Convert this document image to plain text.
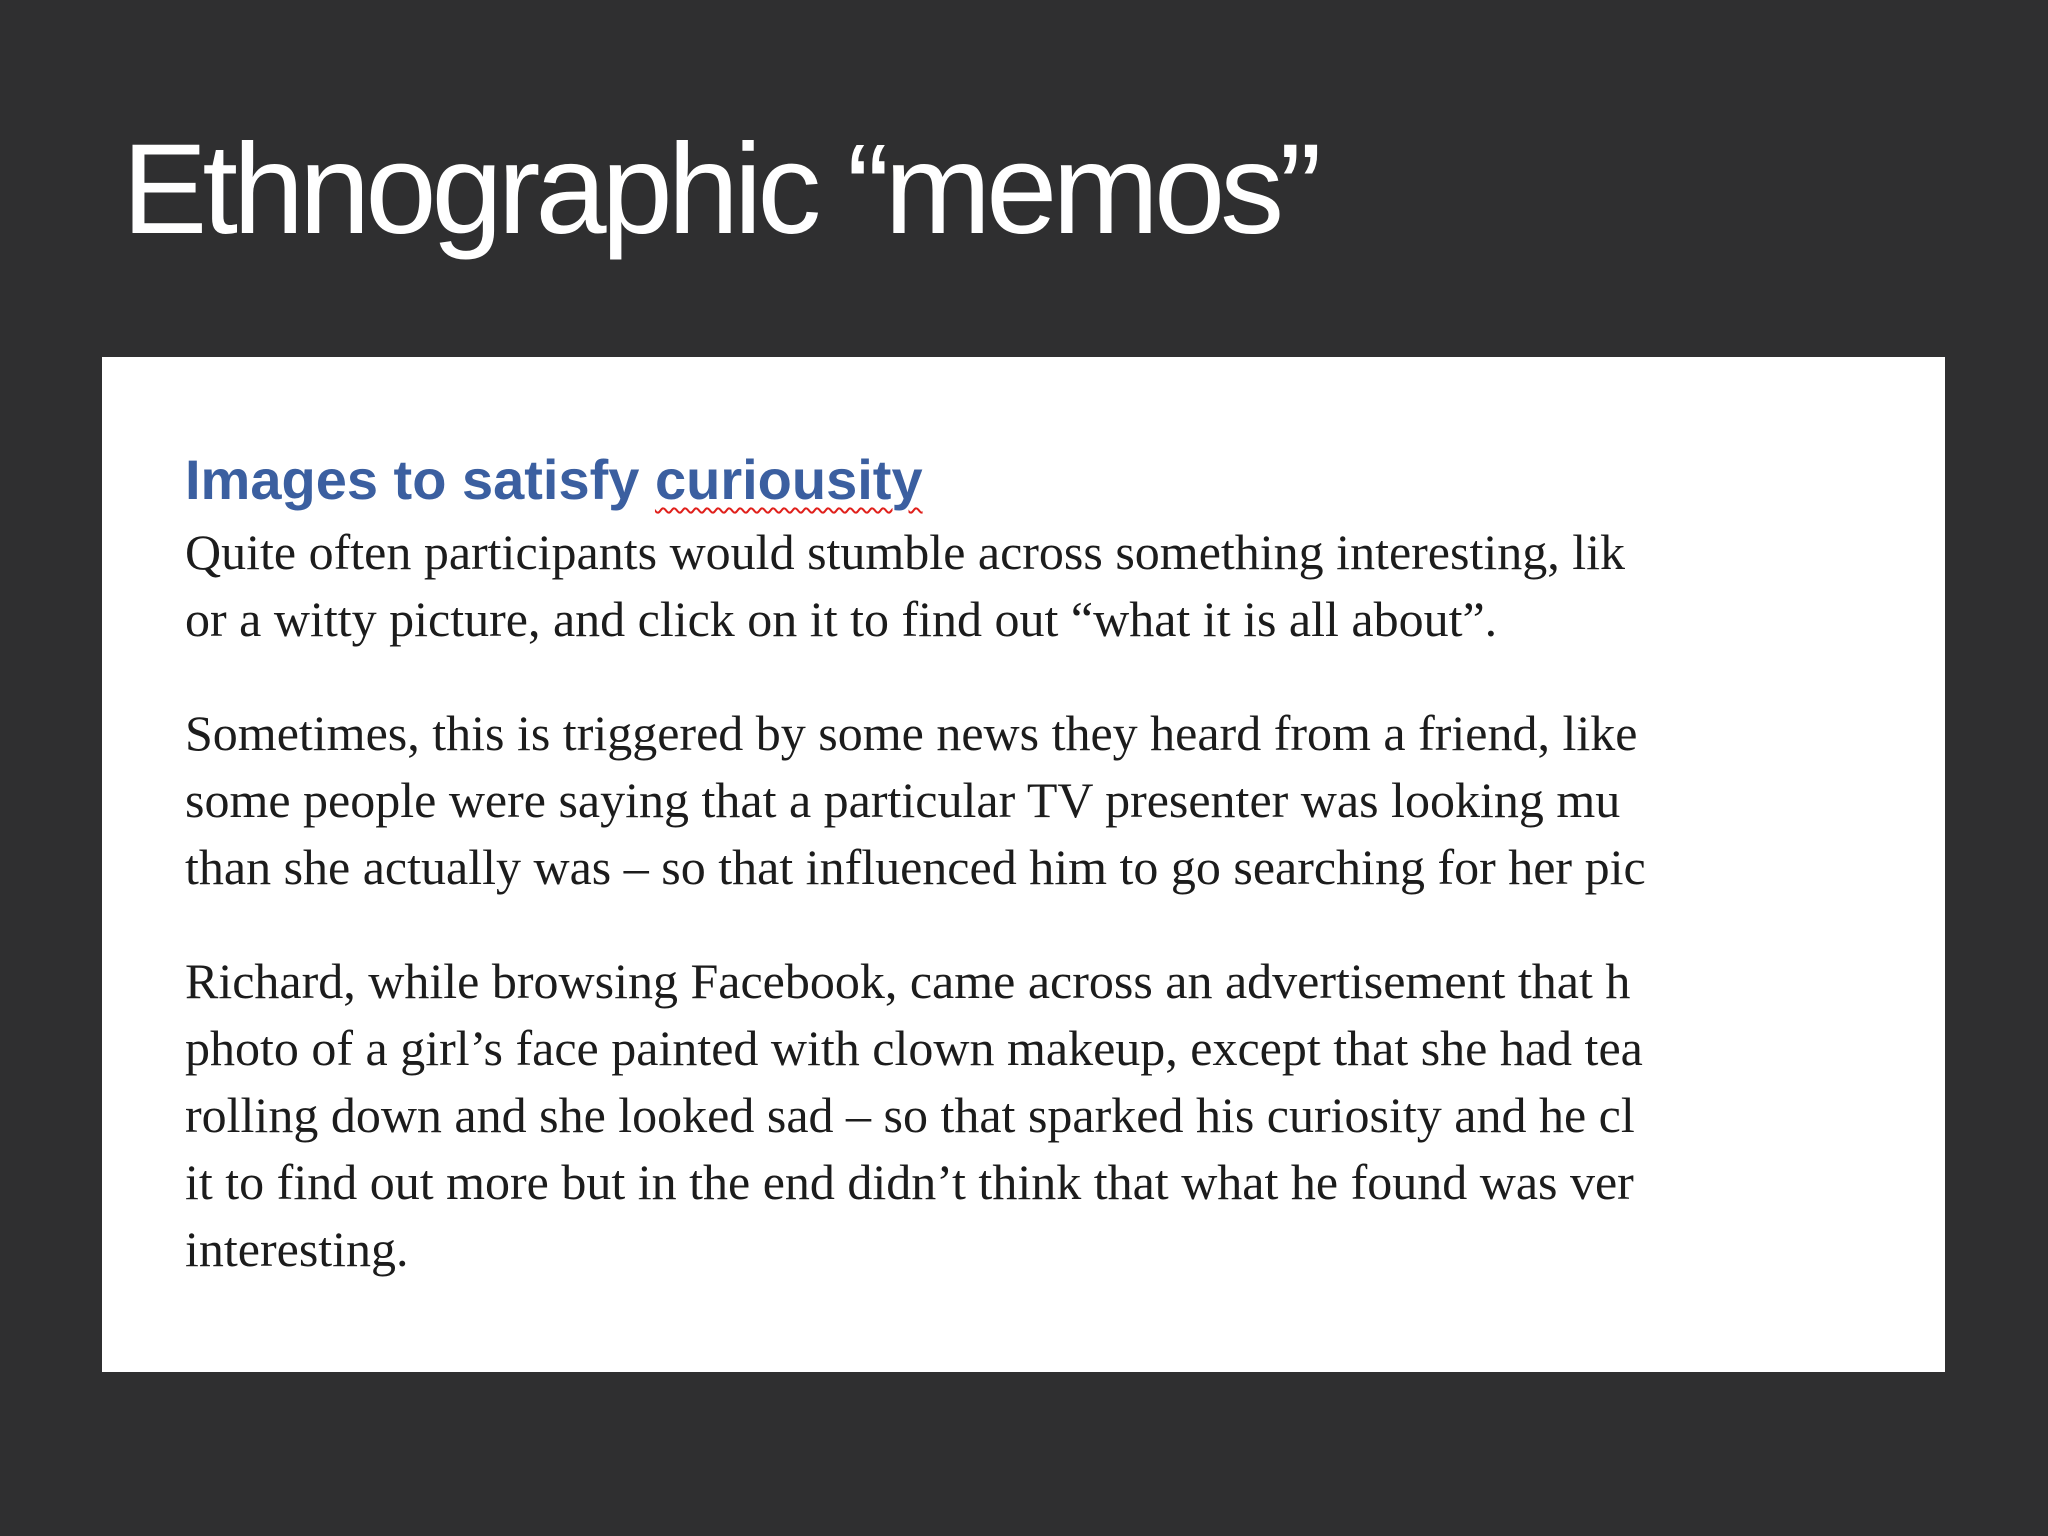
Ethnographic “memos”
Images to satisfy curiousity

Quite often participants would stumble across something interesting, lik
or a witty picture, and click on it to find out “what it is all about”.

Sometimes, this is triggered by some news they heard from a friend, like
some people were saying that a particular TV presenter was looking mu
than she actually was – so that influenced him to go searching for her pic

Richard, while browsing Facebook, came across an advertisement that h
photo of a girl’s face painted with clown makeup, except that she had tea
rolling down and she looked sad – so that sparked his curiosity and he cl
it to find out more but in the end didn’t think that what he found was ver
interesting.
